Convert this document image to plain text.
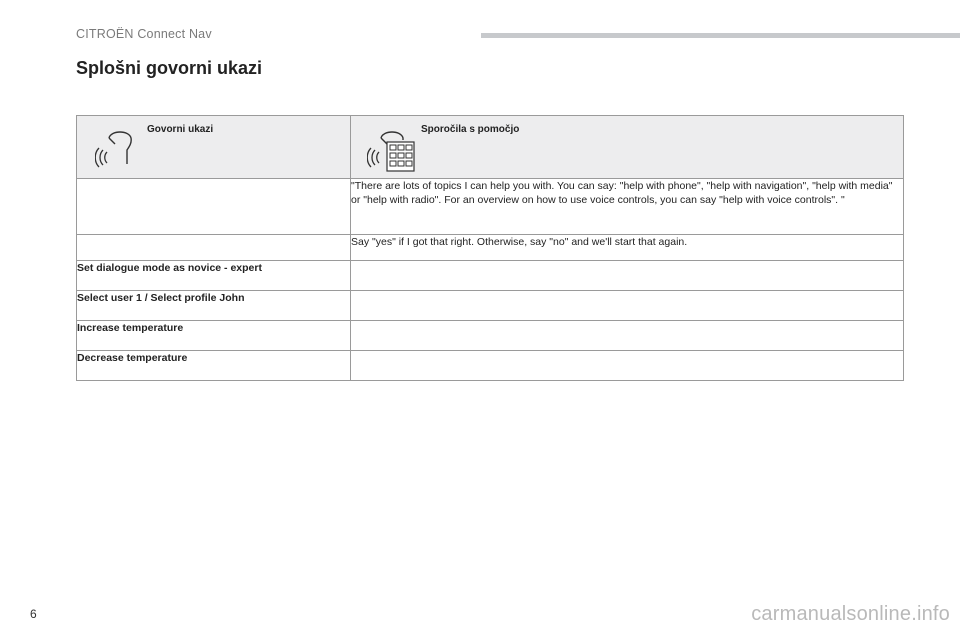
CITROËN Connect Nav
Splošni govorni ukazi
Govorni ukazi	Sporočila s pomočjo

	"There are lots of topics I can help you with. You can say: "help with phone", "help with navigation", "help with media" or "help with radio". For an overview on how to use voice controls, you can say "help with voice controls". "
	Say "yes" if I got that right. Otherwise, say "no" and we'll start that again.
Set dialogue mode as novice - expert	
Select user 1 / Select profile John	
Increase temperature	
Decrease temperature	
6	carmanualsonline.info
